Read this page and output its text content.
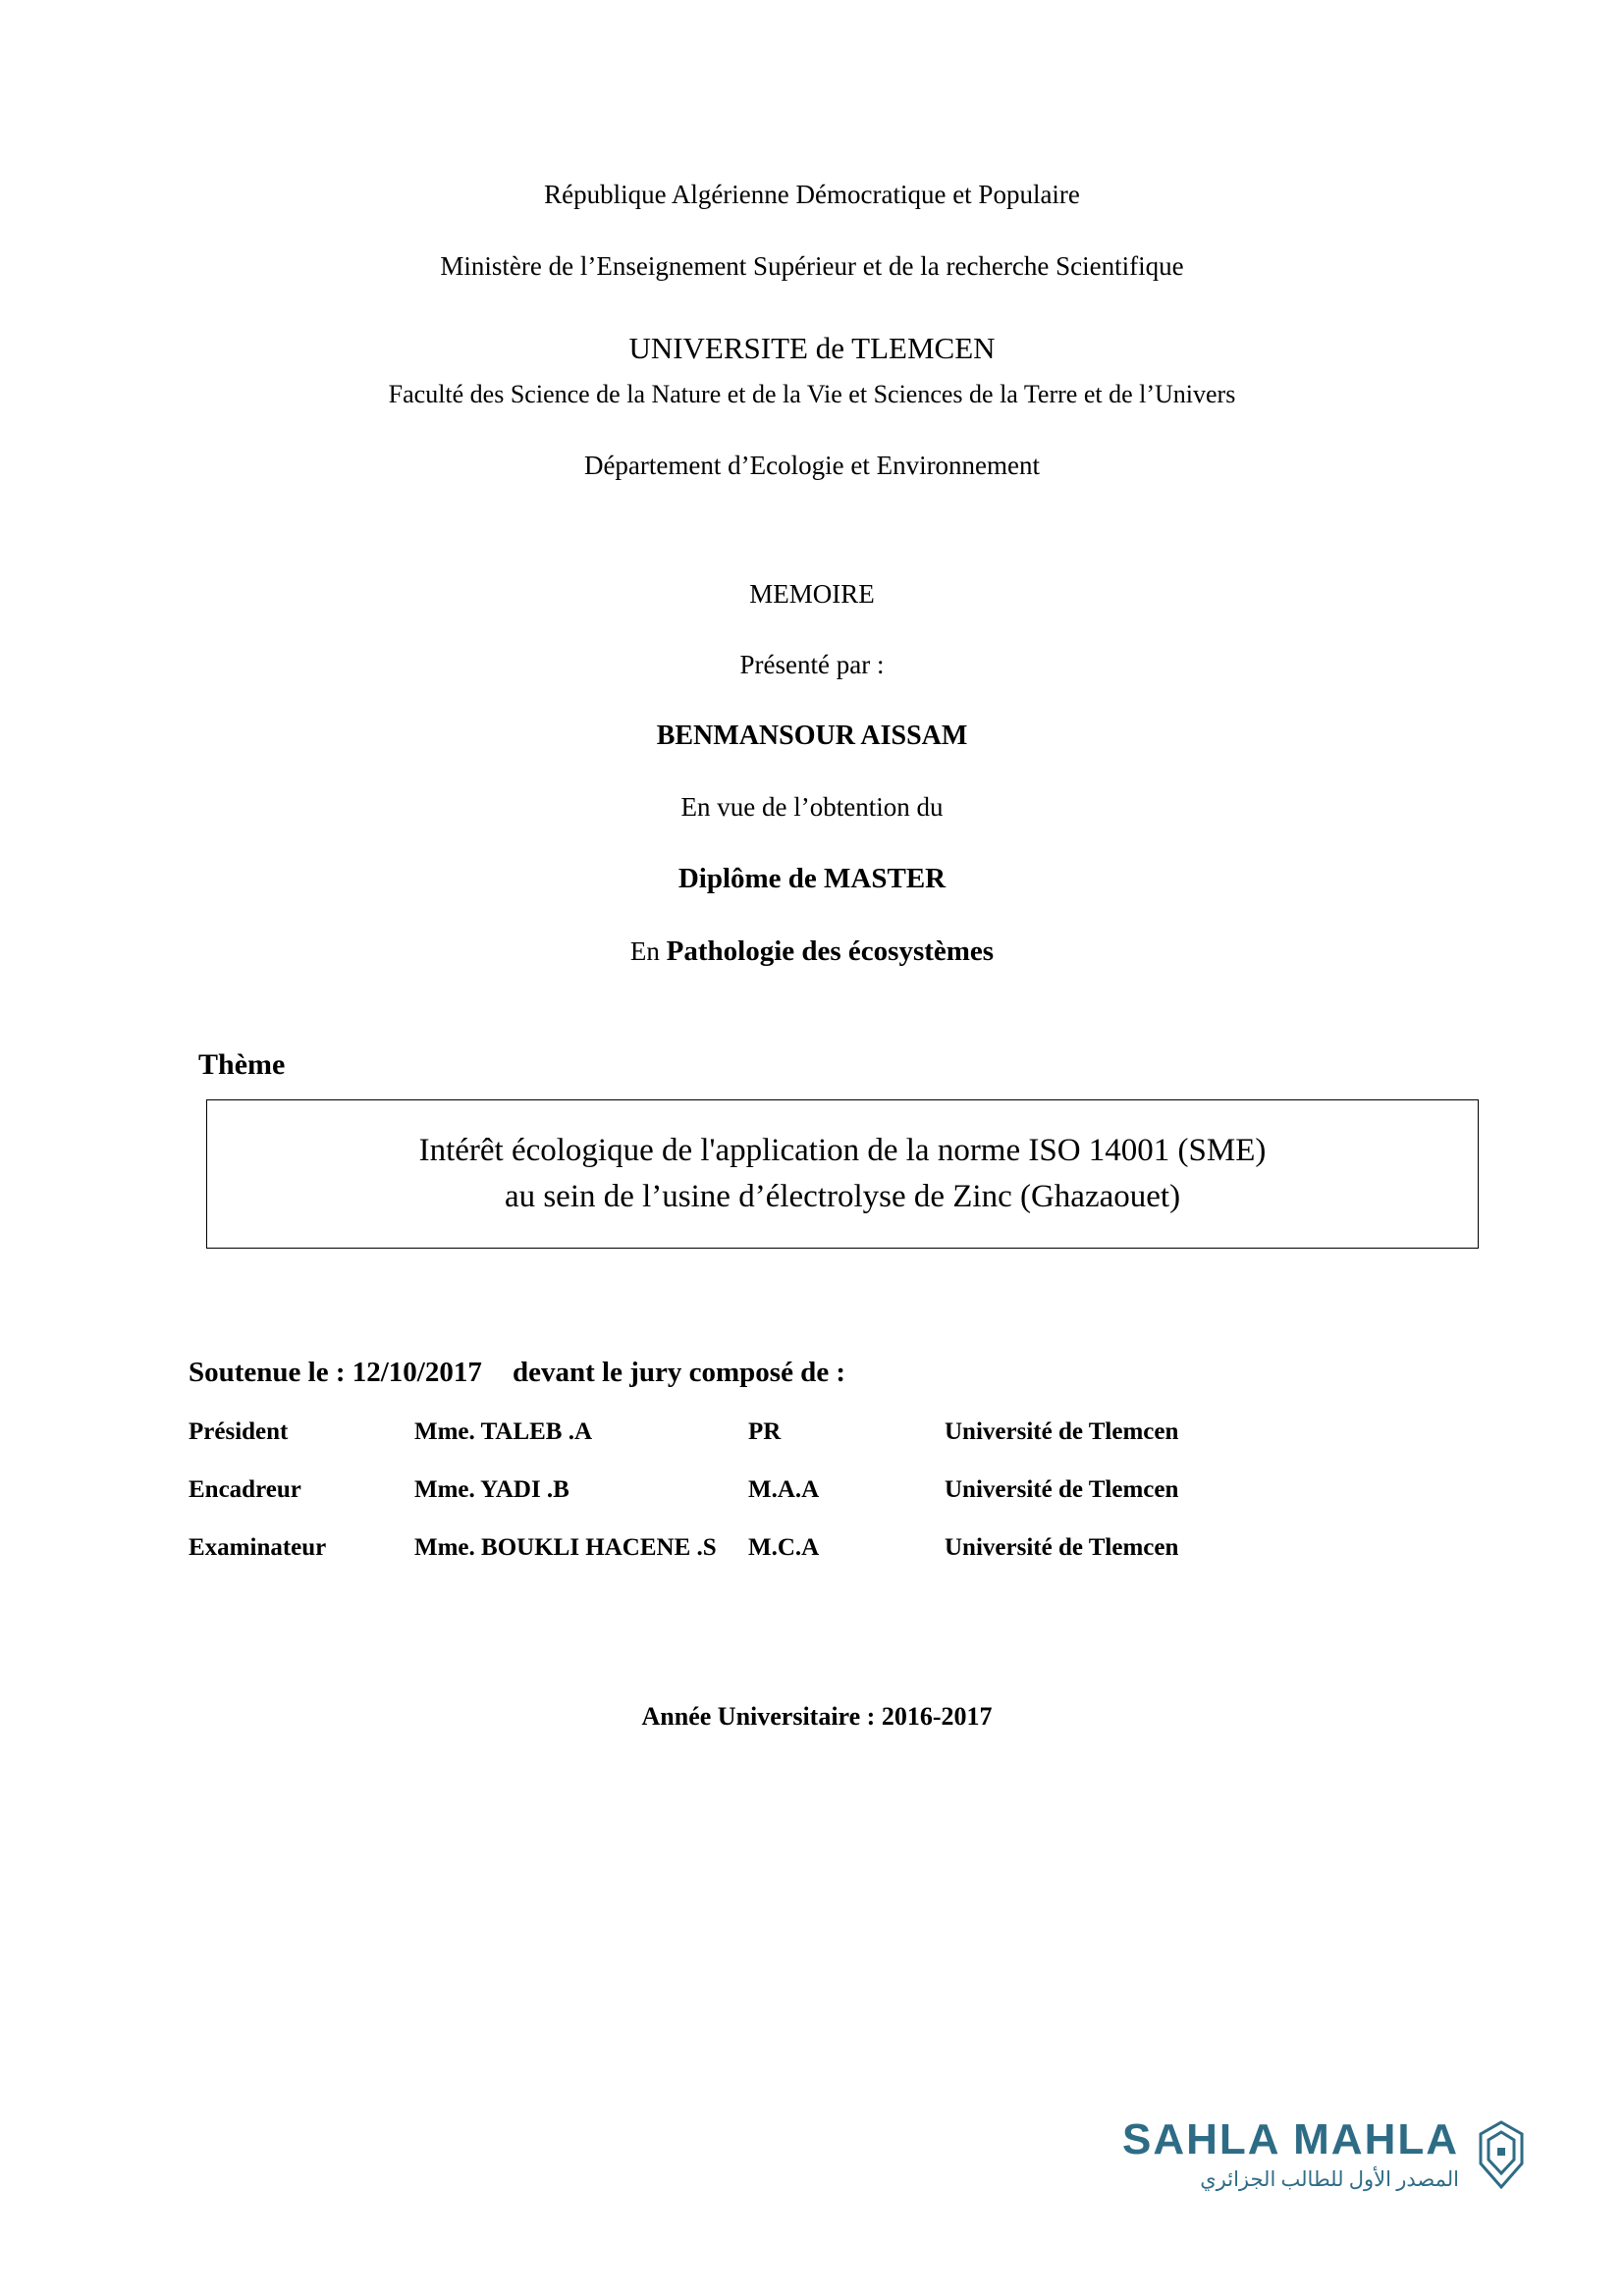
République Algérienne Démocratique et Populaire
Ministère de l’Enseignement Supérieur et de la recherche Scientifique
UNIVERSITE de TLEMCEN
Faculté des Science de la Nature et de la Vie et Sciences de la Terre et de l’Univers
Département d’Ecologie et Environnement
MEMOIRE
Présenté par :
BENMANSOUR AISSAM
En vue de l’obtention du
Diplôme de MASTER
En Pathologie des écosystèmes
Thème
Intérêt écologique de l'application de la norme ISO 14001 (SME)
au sein de l’usine d’électrolyse de Zinc (Ghazaouet)
Soutenue le : 12/10/2017	devant le jury composé de :
Président	Mme. TALEB .A	PR	Université de Tlemcen
Encadreur	Mme. YADI .B	M.A.A	Université de Tlemcen
Examinateur	Mme. BOUKLI HACENE .S	M.C.A	Université de Tlemcen
Année Universitaire : 2016-2017
SAHLA MAHLA
المصدر الأول للطالب الجزائري
